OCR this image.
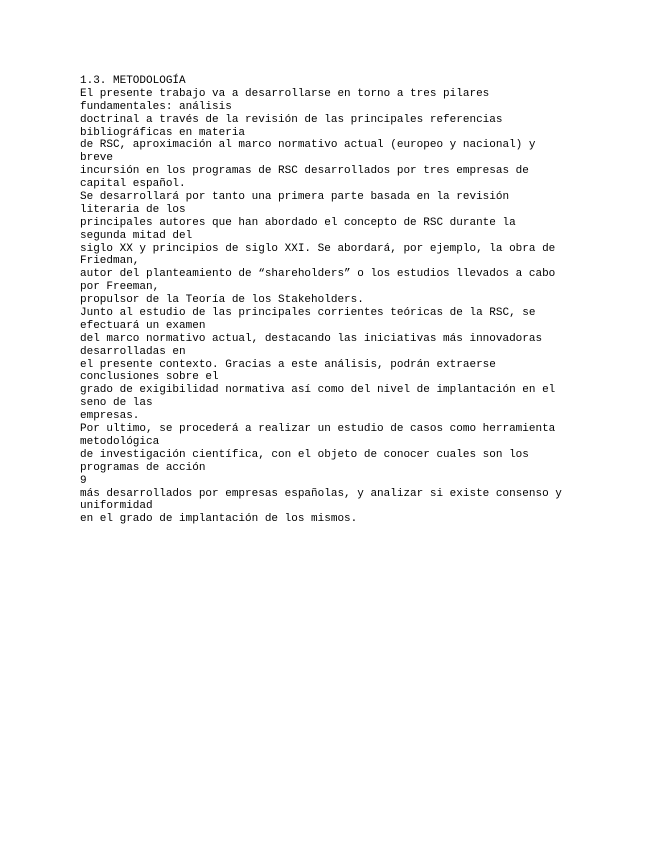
1.3. METODOLOGÍA
El presente trabajo va a desarrollarse en torno a tres pilares
fundamentales: análisis
doctrinal a través de la revisión de las principales referencias
bibliográficas en materia
de RSC, aproximación al marco normativo actual (europeo y nacional) y
breve
incursión en los programas de RSC desarrollados por tres empresas de
capital español.
Se desarrollará por tanto una primera parte basada en la revisión
literaria de los
principales autores que han abordado el concepto de RSC durante la
segunda mitad del
siglo XX y principios de siglo XXI. Se abordará, por ejemplo, la obra de
Friedman,
autor del planteamiento de “shareholders” o los estudios llevados a cabo
por Freeman,
propulsor de la Teoría de los Stakeholders.
Junto al estudio de las principales corrientes teóricas de la RSC, se
efectuará un examen
del marco normativo actual, destacando las iniciativas más innovadoras
desarrolladas en
el presente contexto. Gracias a este análisis, podrán extraerse
conclusiones sobre el
grado de exigibilidad normativa así como del nivel de implantación en el
seno de las
empresas.
Por ultimo, se procederá a realizar un estudio de casos como herramienta
metodológica
de investigación científica, con el objeto de conocer cuales son los
programas de acción
9
más desarrollados por empresas españolas, y analizar si existe consenso y
uniformidad
en el grado de implantación de los mismos.
